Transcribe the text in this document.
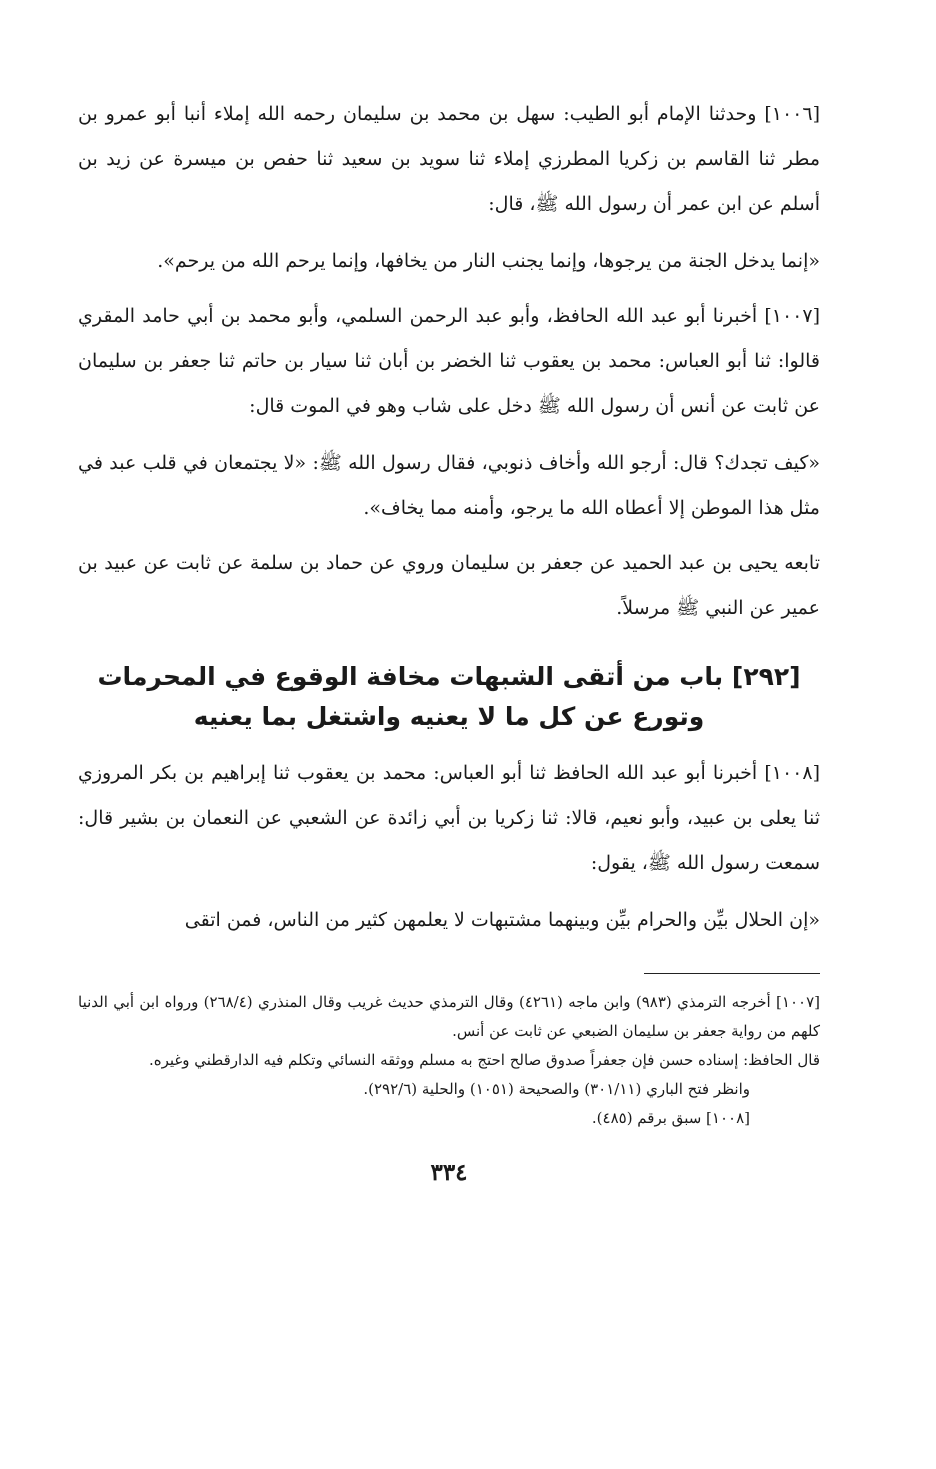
[١٠٠٦] وحدثنا الإمام أبو الطيب: سهل بن محمد بن سليمان رحمه الله إملاء أنبا أبو عمرو بن مطر ثنا القاسم بن زكريا المطرزي إملاء ثنا سويد بن سعيد ثنا حفص بن ميسرة عن زيد بن أسلم عن ابن عمر أن رسول الله ﷺ، قال:

«إنما يدخل الجنة من يرجوها، وإنما يجنب النار من يخافها، وإنما يرحم الله من يرحم».

[١٠٠٧] أخبرنا أبو عبد الله الحافظ، وأبو عبد الرحمن السلمي، وأبو محمد بن أبي حامد المقري قالوا: ثنا أبو العباس: محمد بن يعقوب ثنا الخضر بن أبان ثنا سيار بن حاتم ثنا جعفر بن سليمان عن ثابت عن أنس أن رسول الله ﷺ دخل على شاب وهو في الموت قال:

«كيف تجدك؟ قال: أرجو الله وأخاف ذنوبي، فقال رسول الله ﷺ: «لا يجتمعان في قلب عبد في مثل هذا الموطن إلا أعطاه الله ما يرجو، وأمنه مما يخاف».

تابعه يحيى بن عبد الحميد عن جعفر بن سليمان وروي عن حماد بن سلمة عن ثابت عن عبيد بن عمير عن النبي ﷺ مرسلاً.

[٢٩٢] باب من أتقى الشبهات مخافة الوقوع في المحرمات
وتورع عن كل ما لا يعنيه واشتغل بما يعنيه

[١٠٠٨] أخبرنا أبو عبد الله الحافظ ثنا أبو العباس: محمد بن يعقوب ثنا إبراهيم بن بكر المروزي ثنا يعلى بن عبيد، وأبو نعيم، قالا: ثنا زكريا بن أبي زائدة عن الشعبي عن النعمان بن بشير قال: سمعت رسول الله ﷺ، يقول:

«إن الحلال بيِّن والحرام بيِّن وبينهما مشتبهات لا يعلمهن كثير من الناس، فمن اتقى

[١٠٠٧] أخرجه الترمذي (٩٨٣) وابن ماجه (٤٢٦١) وقال الترمذي حديث غريب وقال المنذري (٢٦٨/٤) ورواه ابن أبي الدنيا كلهم من رواية جعفر بن سليمان الضبعي عن ثابت عن أنس.

قال الحافظ: إسناده حسن فإن جعفراً صدوق صالح احتج به مسلم ووثقه النسائي وتكلم فيه الدارقطني وغيره.

وانظر فتح الباري (٣٠١/١١) والصحيحة (١٠٥١) والحلية (٢٩٢/٦).

[١٠٠٨] سبق برقم (٤٨٥).

٣٣٤
